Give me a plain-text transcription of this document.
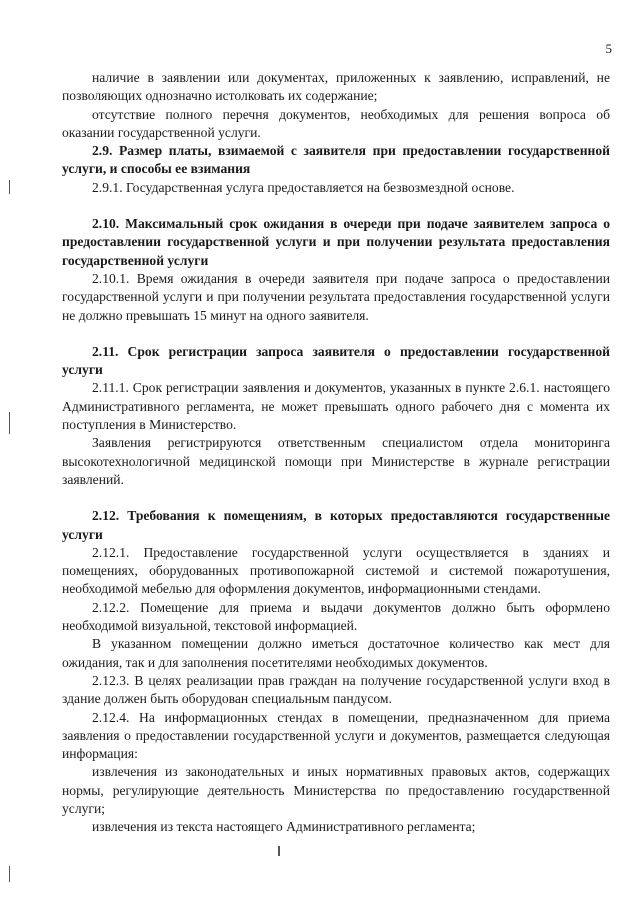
5

наличие в заявлении или документах, приложенных к заявлению, исправлений, не позволяющих однозначно истолковать их содержание;

отсутствие полного перечня документов, необходимых для решения вопроса об оказании государственной услуги.

2.9. Размер платы, взимаемой с заявителя при предоставлении государственной услуги, и способы ее взимания

2.9.1. Государственная услуга предоставляется на безвозмездной основе.

2.10. Максимальный срок ожидания в очереди при подаче заявителем запроса о предоставлении государственной услуги и при получении результата предоставления государственной услуги

2.10.1. Время ожидания в очереди заявителя при подаче запроса о предоставлении государственной услуги и при получении результата предоставления государственной услуги не должно превышать 15 минут на одного заявителя.

2.11. Срок регистрации запроса заявителя о предоставлении государственной услуги

2.11.1. Срок регистрации заявления и документов, указанных в пункте 2.6.1. настоящего Административного регламента, не может превышать одного рабочего дня с момента их поступления в Министерство.

Заявления регистрируются ответственным специалистом отдела мониторинга высокотехнологичной медицинской помощи при Министерстве в журнале регистрации заявлений.

2.12. Требования к помещениям, в которых предоставляются государственные услуги

2.12.1. Предоставление государственной услуги осуществляется в зданиях и помещениях, оборудованных противопожарной системой и системой пожаротушения, необходимой мебелью для оформления документов, информационными стендами.

2.12.2. Помещение для приема и выдачи документов должно быть оформлено необходимой визуальной, текстовой информацией.

В указанном помещении должно иметься достаточное количество как мест для ожидания, так и для заполнения посетителями необходимых документов.

2.12.3. В целях реализации прав граждан на получение государственной услуги вход в здание должен быть оборудован специальным пандусом.

2.12.4. На информационных стендах в помещении, предназначенном для приема заявления о предоставлении государственной услуги и документов, размещается следующая информация:

извлечения из законодательных и иных нормативных правовых актов, содержащих нормы, регулирующие деятельность Министерства по предоставлению государственной услуги;

извлечения из текста настоящего Административного регламента;
